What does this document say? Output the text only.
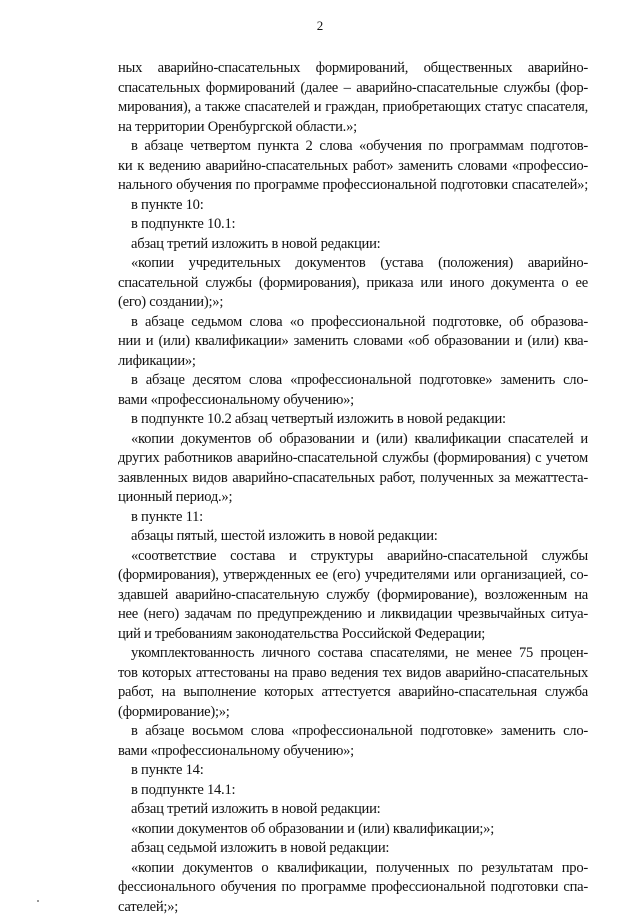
2
ных аварийно-спасательных формирований, общественных аварийно-
спасательных формирований (далее – аварийно-спасательные службы (фор-
мирования), а также спасателей и граждан, приобретающих статус спасателя,
на территории Оренбургской области.»;
в абзаце четвертом пункта 2 слова «обучения по программам подготов-
ки к ведению аварийно-спасательных работ» заменить словами «профессио-
нального обучения по программе профессиональной подготовки спасателей»;
в пункте 10:
в подпункте 10.1:
абзац третий изложить в новой редакции:
«копии учредительных документов (устава (положения) аварийно-
спасательной службы (формирования), приказа или иного документа о ее
(его) создании);»;
в абзаце седьмом слова «о профессиональной подготовке, об образова-
нии и (или) квалификации» заменить словами «об образовании и (или) ква-
лификации»;
в абзаце десятом слова «профессиональной подготовке» заменить сло-
вами «профессиональному обучению»;
в подпункте 10.2 абзац четвертый изложить в новой редакции:
«копии документов об образовании и (или) квалификации спасателей и
других работников аварийно-спасательной службы (формирования) с учетом
заявленных видов аварийно-спасательных работ, полученных за межаттеста-
ционный период.»;
в пункте 11:
абзацы пятый, шестой изложить в новой редакции:
«соответствие состава и структуры аварийно-спасательной службы
(формирования), утвержденных ее (его) учредителями или организацией, со-
здавшей аварийно-спасательную службу (формирование), возложенным на
нее (него) задачам по предупреждению и ликвидации чрезвычайных ситуа-
ций и требованиям законодательства Российской Федерации;
укомплектованность личного состава спасателями, не менее 75 процен-
тов которых аттестованы на право ведения тех видов аварийно-спасательных
работ, на выполнение которых аттестуется аварийно-спасательная служба
(формирование);»;
в абзаце восьмом слова «профессиональной подготовке» заменить сло-
вами «профессиональному обучению»;
в пункте 14:
в подпункте 14.1:
абзац третий изложить в новой редакции:
«копии документов об образовании и (или) квалификации;»;
абзац седьмой изложить в новой редакции:
«копии документов о квалификации, полученных по результатам про-
фессионального обучения по программе профессиональной подготовки спа-
сателей;»;
